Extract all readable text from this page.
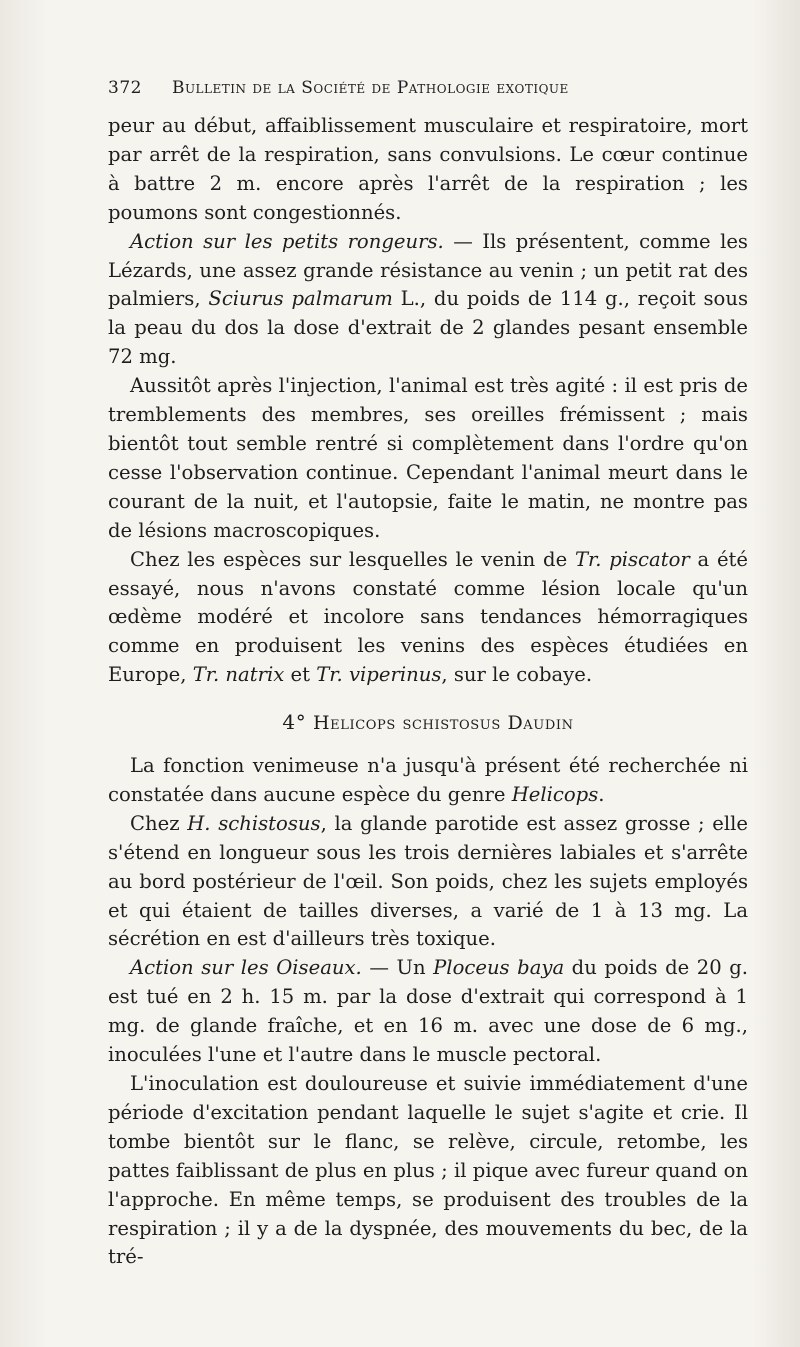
372 Bulletin de la Société de Pathologie exotique

peur au début, affaiblissement musculaire et respiratoire, mort par arrêt de la respiration, sans convulsions. Le cœur continue à battre 2 m. encore après l'arrêt de la respiration ; les poumons sont congestionnés.

Action sur les petits rongeurs. — Ils présentent, comme les Lézards, une assez grande résistance au venin ; un petit rat des palmiers, Sciurus palmarum L., du poids de 114 g., reçoit sous la peau du dos la dose d'extrait de 2 glandes pesant ensemble 72 mg.

Aussitôt après l'injection, l'animal est très agité : il est pris de tremblements des membres, ses oreilles frémissent ; mais bientôt tout semble rentré si complètement dans l'ordre qu'on cesse l'observation continue. Cependant l'animal meurt dans le courant de la nuit, et l'autopsie, faite le matin, ne montre pas de lésions macroscopiques.

Chez les espèces sur lesquelles le venin de Tr. piscator a été essayé, nous n'avons constaté comme lésion locale qu'un œdème modéré et incolore sans tendances hémorragiques comme en produisent les venins des espèces étudiées en Europe, Tr. natrix et Tr. viperinus, sur le cobaye.

4° Helicops schistosus Daudin

La fonction venimeuse n'a jusqu'à présent été recherchée ni constatée dans aucune espèce du genre Helicops.

Chez H. schistosus, la glande parotide est assez grosse ; elle s'étend en longueur sous les trois dernières labiales et s'arrête au bord postérieur de l'œil. Son poids, chez les sujets employés et qui étaient de tailles diverses, a varié de 1 à 13 mg. La sécrétion en est d'ailleurs très toxique.

Action sur les Oiseaux. — Un Ploceus baya du poids de 20 g. est tué en 2 h. 15 m. par la dose d'extrait qui correspond à 1 mg. de glande fraîche, et en 16 m. avec une dose de 6 mg., inoculées l'une et l'autre dans le muscle pectoral.

L'inoculation est douloureuse et suivie immédiatement d'une période d'excitation pendant laquelle le sujet s'agite et crie. Il tombe bientôt sur le flanc, se relève, circule, retombe, les pattes faiblissant de plus en plus ; il pique avec fureur quand on l'approche. En même temps, se produisent des troubles de la respiration ; il y a de la dyspnée, des mouvements du bec, de la tré-
